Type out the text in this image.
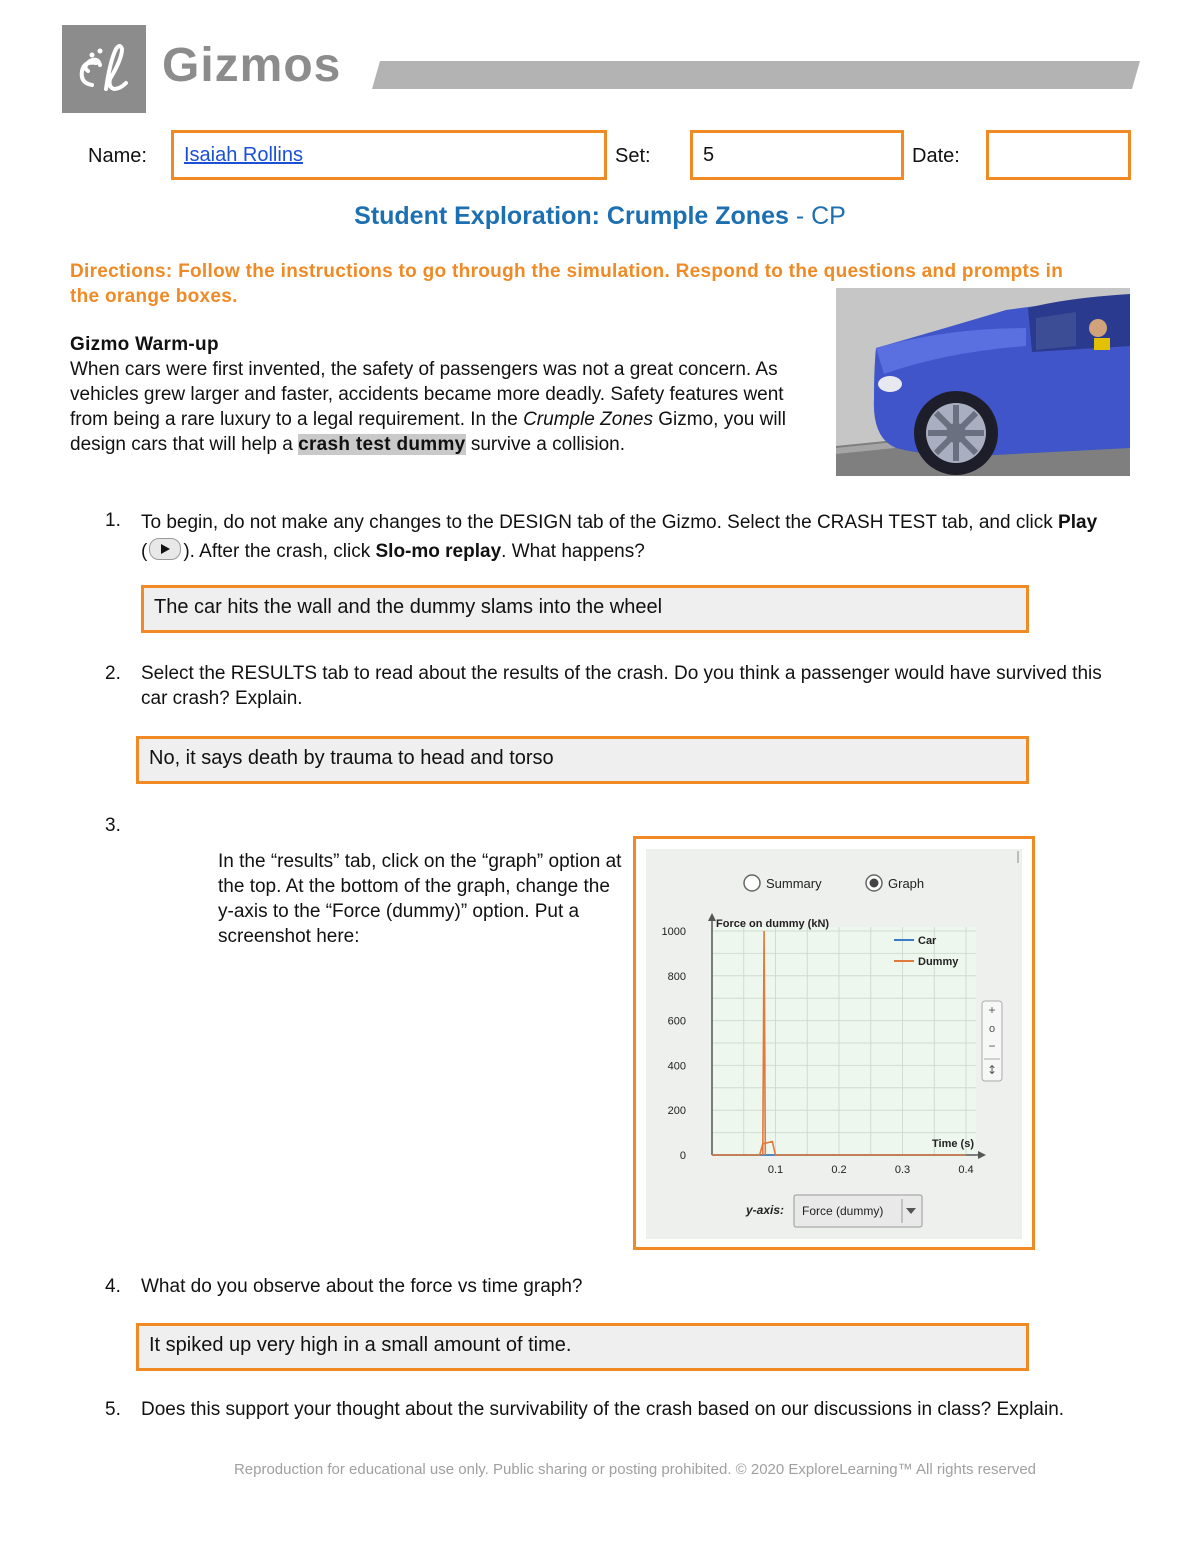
Gizmos
Name: Isaiah Rollins	Set:	5	Date:
Student Exploration: Crumple Zones - CP
Directions: Follow the instructions to go through the simulation. Respond to the questions and prompts in the orange boxes.
Gizmo Warm-up
When cars were first invented, the safety of passengers was not a great concern. As vehicles grew larger and faster, accidents became more deadly. Safety features went from being a rare luxury to a legal requirement. In the Crumple Zones Gizmo, you will design cars that will help a crash test dummy survive a collision.
1. To begin, do not make any changes to the DESIGN tab of the Gizmo. Select the CRASH TEST tab, and click Play ( ). After the crash, click Slo-mo replay. What happens?
The car hits the wall and the dummy slams into the wheel
2. Select the RESULTS tab to read about the results of the crash. Do you think a passenger would have survived this car crash? Explain.
No, it says death by trauma to head and torso
3.
In the “results” tab, click on the “graph” option at the top. At the bottom of the graph, change the y-axis to the “Force (dummy)” option. Put a screenshot here:
Summary	Graph
0
200
400
600
800
1000
0.1	0.2	0.3	0.4
Force on dummy (kN)
Time (s)
Car
Dummy
+
o
−
↕
y-axis: Force (dummy)
4. What do you observe about the force vs time graph?
It spiked up very high in a small amount of time.
5. Does this support your thought about the survivability of the crash based on our discussions in class? Explain.
Reproduction for educational use only. Public sharing or posting prohibited. © 2020 ExploreLearning™ All rights reserved
